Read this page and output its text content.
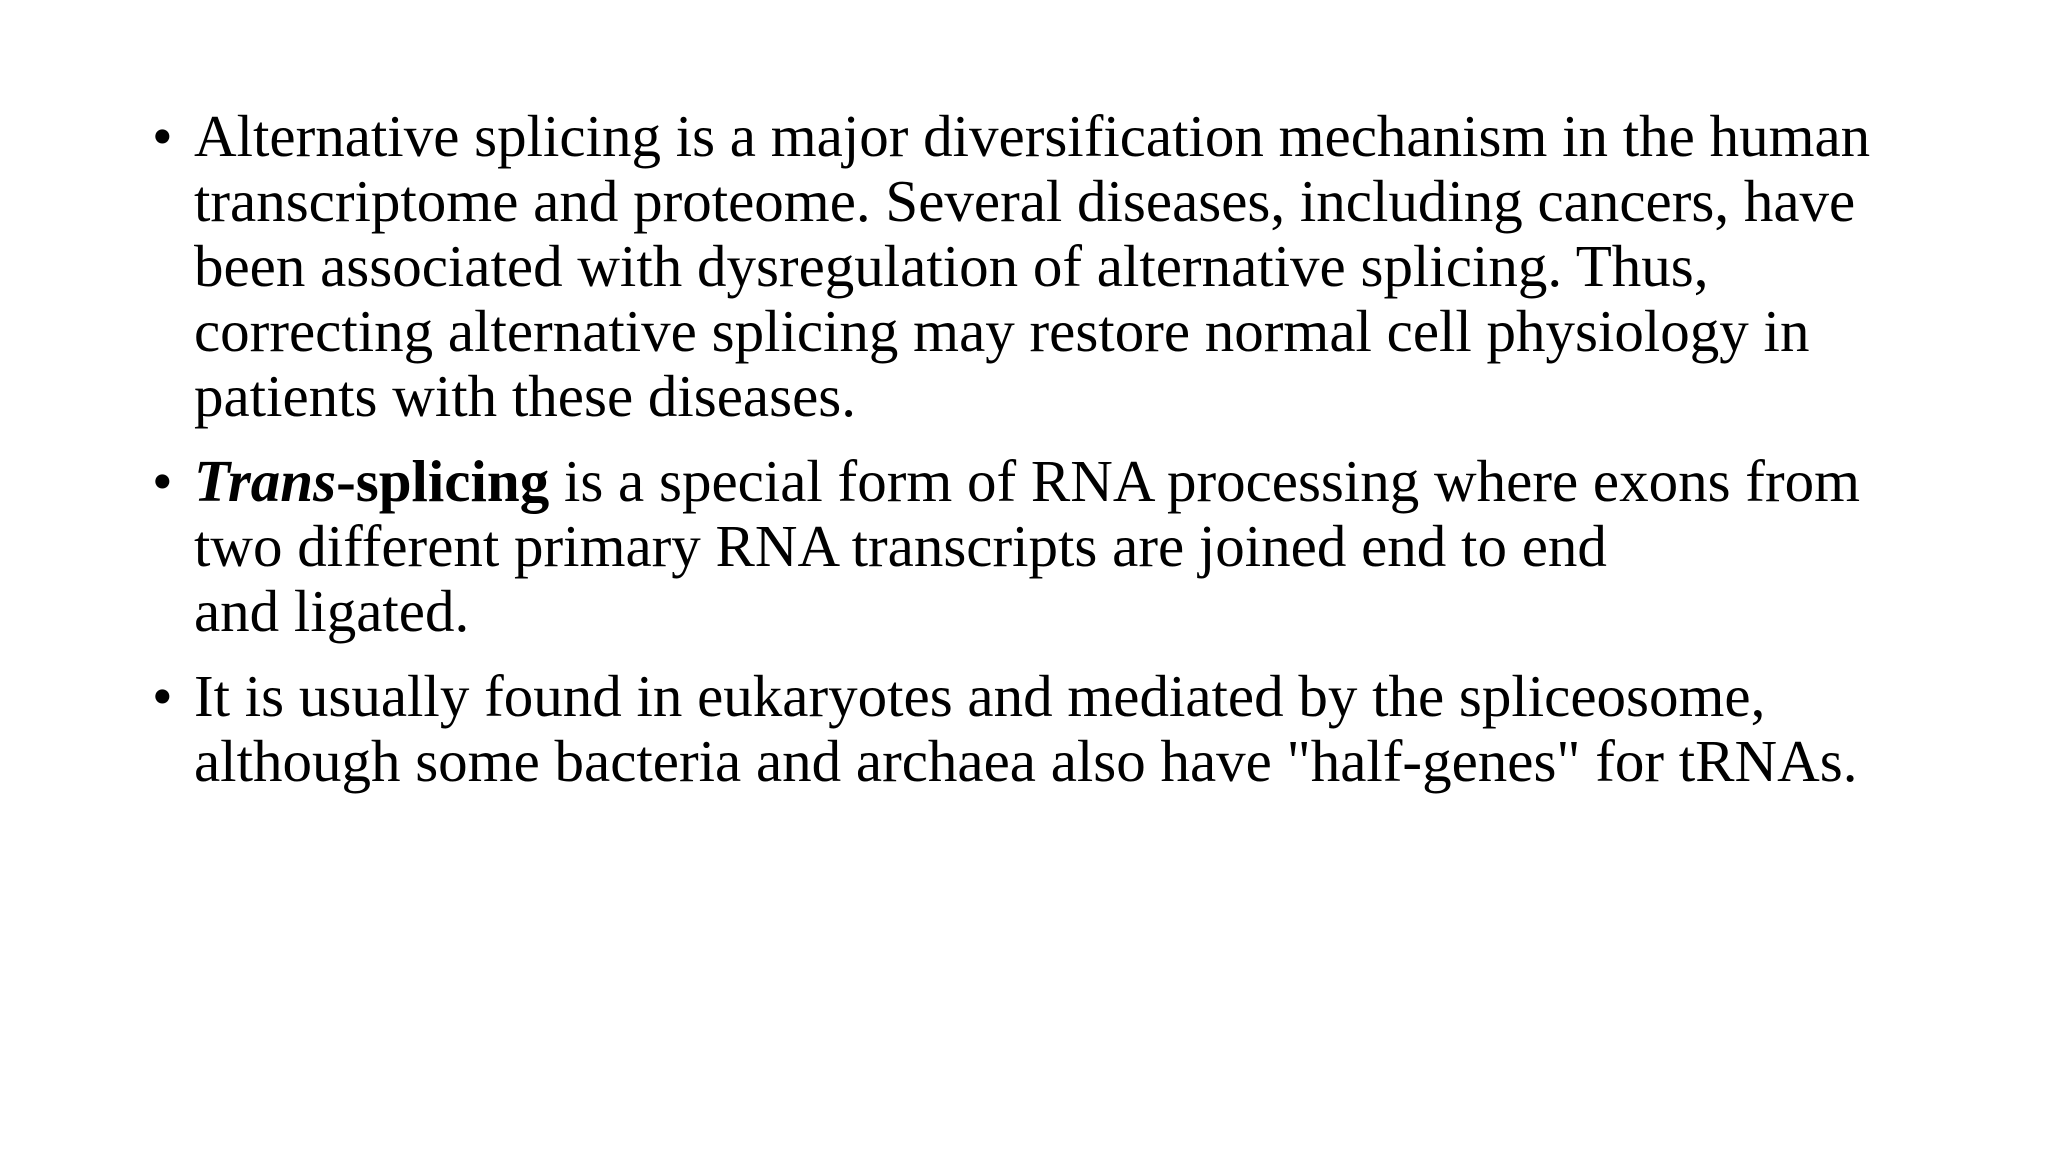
• Alternative splicing is a major diversification mechanism in the human transcriptome and proteome. Several diseases, including cancers, have been associated with dysregulation of alternative splicing. Thus, correcting alternative splicing may restore normal cell physiology in patients with these diseases.
• Trans-splicing is a special form of RNA processing where exons from two different primary RNA transcripts are joined end to end
and ligated.
• It is usually found in eukaryotes and mediated by the spliceosome, although some bacteria and archaea also have "half-genes" for tRNAs.
